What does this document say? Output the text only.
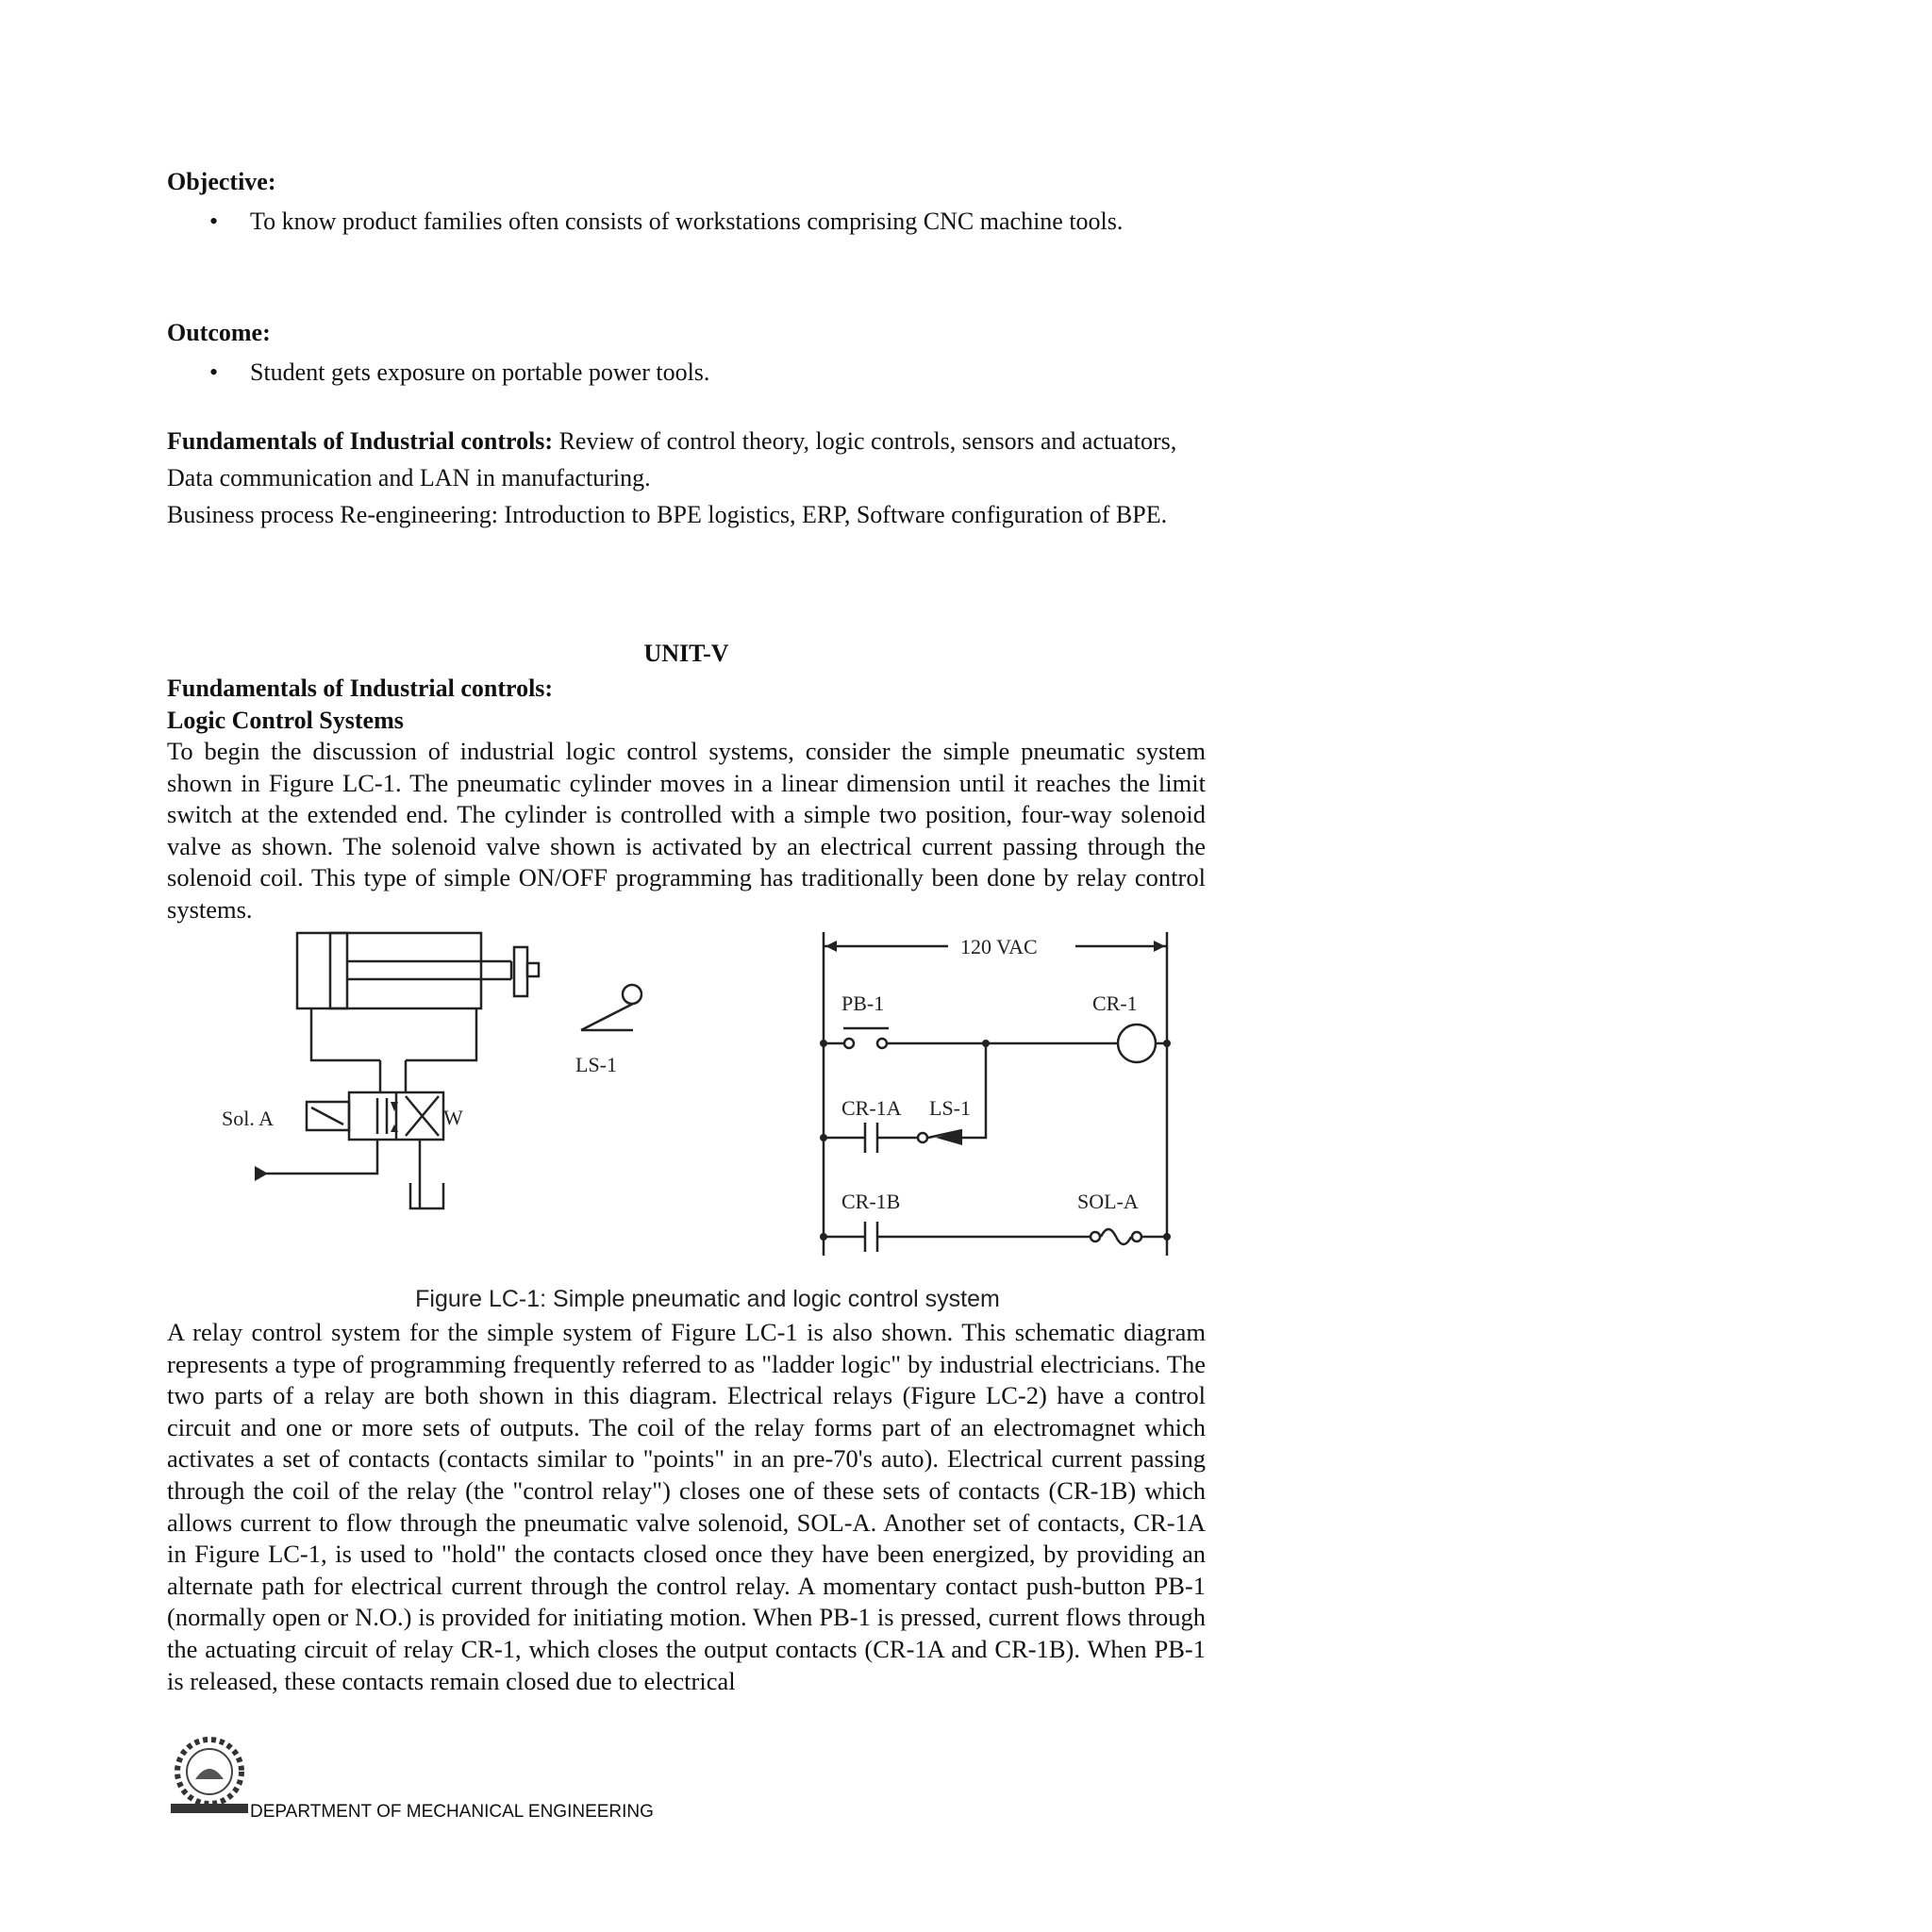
Objective:
• To know product families often consists of workstations comprising CNC machine tools.
Outcome:
• Student gets exposure on portable power tools.
Fundamentals of Industrial controls: Review of control theory, logic controls, sensors and actuators, Data communication and LAN in manufacturing.
Business process Re-engineering: Introduction to BPE logistics, ERP, Software configuration of BPE.
UNIT-V
Fundamentals of Industrial controls:
Logic Control Systems

To begin the discussion of industrial logic control systems, consider the simple pneumatic system shown in Figure LC-1. The pneumatic cylinder moves in a linear dimension until it reaches the limit switch at the extended end. The cylinder is controlled with a simple two position, four-way solenoid valve as shown. The solenoid valve shown is activated by an electrical current passing through the solenoid coil. This type of simple ON/OFF programming has traditionally been done by relay control systems.

Sol. A	W
LS-1
120 VAC
PB-1	CR-1
CR-1A LS-1
CR-1B	SOL-A
Figure LC-1: Simple pneumatic and logic control system

A relay control system for the simple system of Figure LC-1 is also shown. This schematic diagram represents a type of programming frequently referred to as "ladder logic" by industrial electricians. The two parts of a relay are both shown in this diagram. Electrical relays (Figure LC-2) have a control circuit and one or more sets of outputs. The coil of the relay forms part of an electromagnet which activates a set of contacts (contacts similar to "points" in an pre-70's auto). Electrical current passing through the coil of the relay (the "control relay") closes one of these sets of contacts (CR-1B) which allows current to flow through the pneumatic valve solenoid, SOL-A. Another set of contacts, CR-1A in Figure LC-1, is used to "hold" the contacts closed once they have been energized, by providing an alternate path for electrical current through the control relay. A momentary contact push-button PB-1 (normally open or N.O.) is provided for initiating motion. When PB-1 is pressed, current flows through the actuating circuit of relay CR-1, which closes the output contacts (CR-1A and CR-1B). When PB-1 is released, these contacts remain closed due to electrical

DEPARTMENT OF MECHANICAL ENGINEERING
